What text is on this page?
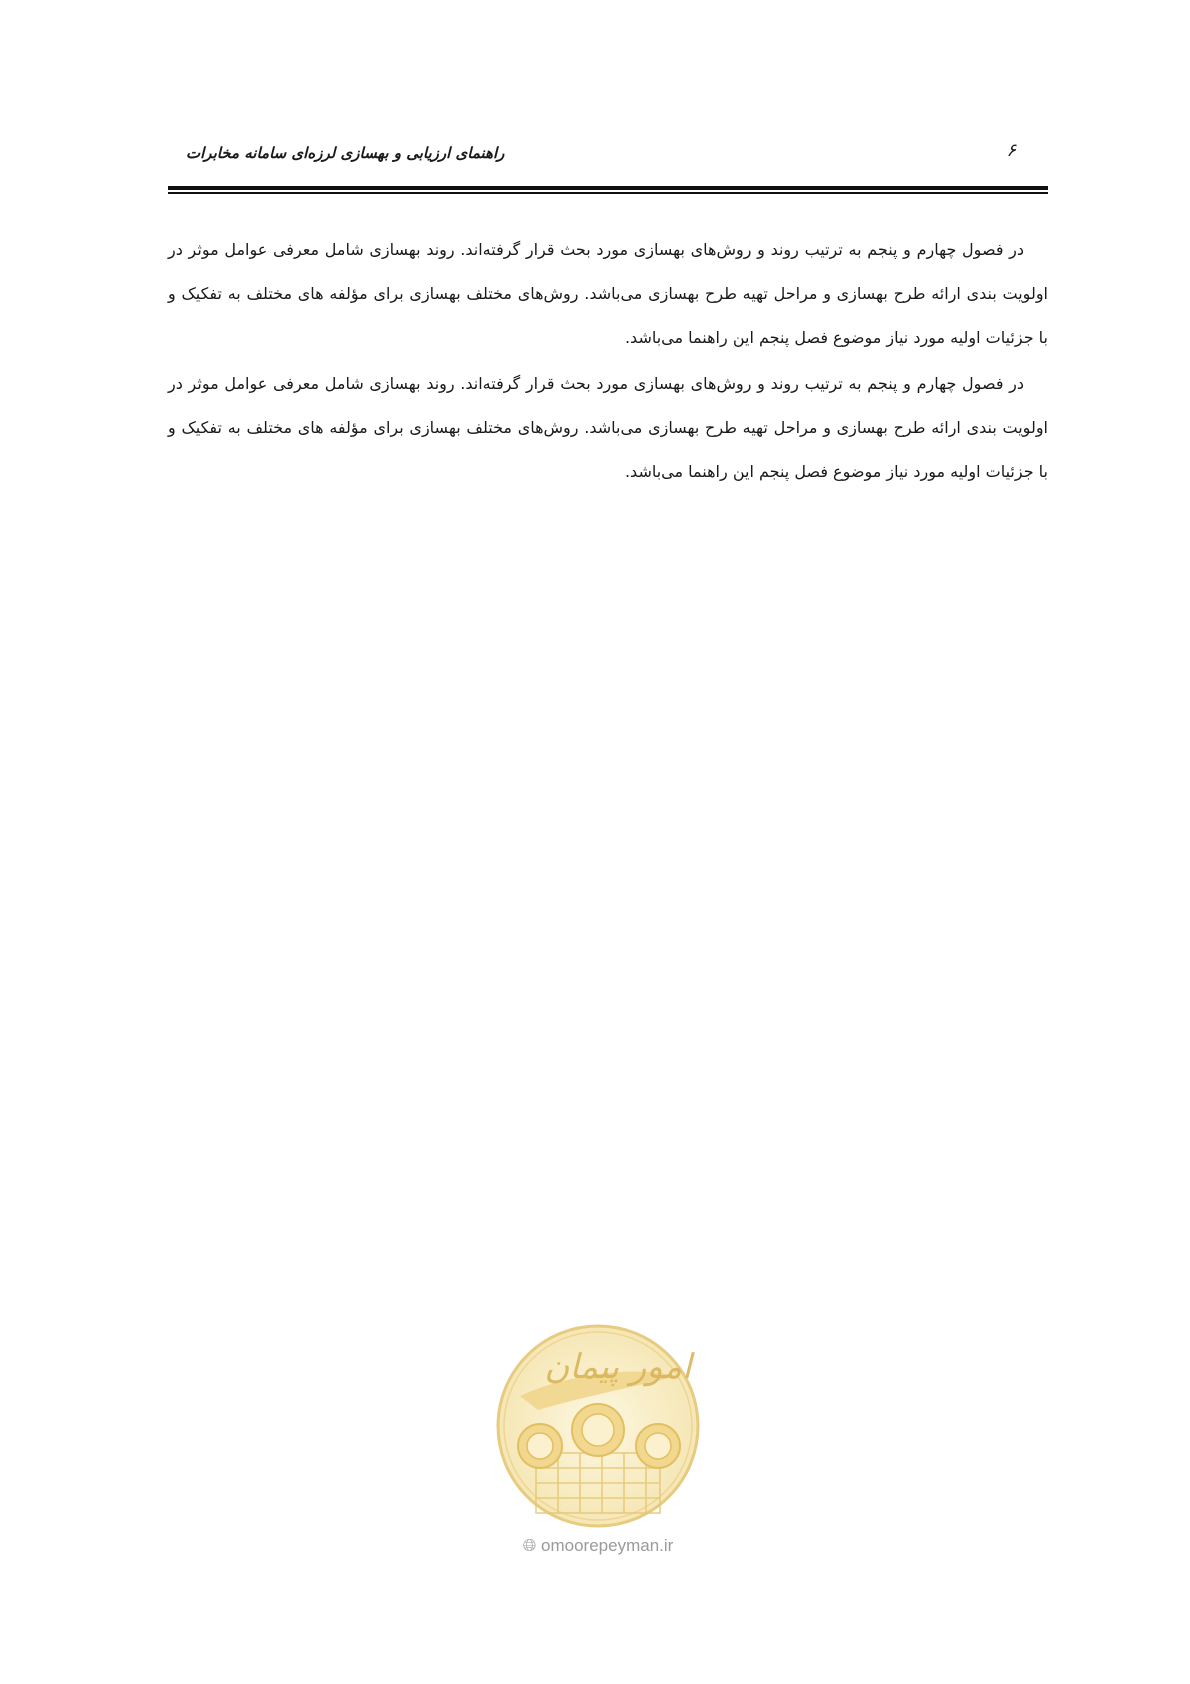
۶
راهنمای ارزیابی و بهسازی لرزه‌ای سامانه مخابرات

در فصول چهارم و پنجم به ترتیب روند و روش‌های بهسازی مورد بحث قرار گرفته‌اند. روند بهسازی شامل معرفی عوامل موثر در اولویت بندی ارائه طرح بهسازی و مراحل تهیه طرح بهسازی می‌باشد. روش‌های مختلف بهسازی برای مؤلفه های مختلف به تفکیک و با جزئیات اولیه مورد نیاز موضوع فصل پنجم این راهنما می‌باشد.

در فصول چهارم و پنجم به ترتیب روند و روش‌های بهسازی مورد بحث قرار گرفته‌اند. روند بهسازی شامل معرفی عوامل موثر در اولویت بندی ارائه طرح بهسازی و مراحل تهیه طرح بهسازی می‌باشد. روش‌های مختلف بهسازی برای مؤلفه های مختلف به تفکیک و با جزئیات اولیه مورد نیاز موضوع فصل پنجم این راهنما می‌باشد.

امور پیمان
🌐︎ omoorepeyman.ir
